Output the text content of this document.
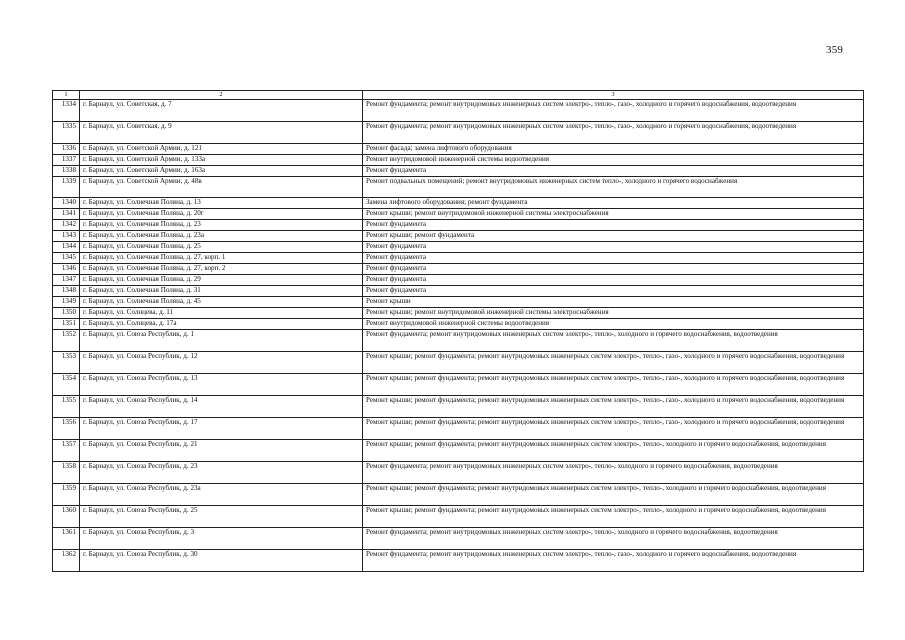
359
1	2	3
1334	г. Барнаул, ул. Советская, д. 7	Ремонт фундамента; ремонт внутридомовых инженерных систем электро-, тепло-, газо-, холодного и горячего водоснабжения, водоотведения
1335	г. Барнаул, ул. Советская, д. 9	Ремонт фундамента; ремонт внутридомовых инженерных систем электро-, тепло-, газо-, холодного и горячего водоснабжения, водоотведения
1336	г. Барнаул, ул. Советской Армии, д. 121	Ремонт фасада; замена лифтового оборудования
1337	г. Барнаул, ул. Советской Армии, д. 133а	Ремонт внутридомовой инженерной системы водоотведения
1338	г. Барнаул, ул. Советской Армии, д. 163а	Ремонт фундамента
1339	г. Барнаул, ул. Советской Армии, д. 48в	Ремонт подвальных помещений; ремонт внутридомовых инженерных систем тепло-, холодного и горячего водоснабжения
1340	г. Барнаул, ул. Солнечная Поляна, д. 13	Замена лифтового оборудования; ремонт фундамента
1341	г. Барнаул, ул. Солнечная Поляна, д. 20г	Ремонт крыши; ремонт внутридомовой инженерной системы электроснабжения
1342	г. Барнаул, ул. Солнечная Поляна, д. 23	Ремонт фундамента
1343	г. Барнаул, ул. Солнечная Поляна, д. 23а	Ремонт крыши; ремонт фундамента
1344	г. Барнаул, ул. Солнечная Поляна, д. 25	Ремонт фундамента
1345	г. Барнаул, ул. Солнечная Поляна, д. 27, корп. 1	Ремонт фундамента
1346	г. Барнаул, ул. Солнечная Поляна, д. 27, корп. 2	Ремонт фундамента
1347	г. Барнаул, ул. Солнечная Поляна, д. 29	Ремонт фундамента
1348	г. Барнаул, ул. Солнечная Поляна, д. 31	Ремонт фундамента
1349	г. Барнаул, ул. Солнечная Поляна, д. 45	Ремонт крыши
1350	г. Барнаул, ул. Солнцева, д. 11	Ремонт крыши; ремонт внутридомовой инженерной системы электроснабжения
1351	г. Барнаул, ул. Солнцева, д. 17а	Ремонт внутридомовой инженерной системы водоотведения
1352	г. Барнаул, ул. Союза Республик, д. 1	Ремонт фундамента; ремонт внутридомовых инженерных систем электро-, тепло-, холодного и горячего водоснабжения, водоотведения
1353	г. Барнаул, ул. Союза Республик, д. 12	Ремонт крыши; ремонт фундамента; ремонт внутридомовых инженерных систем электро-, тепло-, газо-, холодного и горячего водоснабжения, водоотведения
1354	г. Барнаул, ул. Союза Республик, д. 13	Ремонт крыши; ремонт фундамента; ремонт внутридомовых инженерных систем электро-, тепло-, газо-, холодного и горячего водоснабжения, водоотведения
1355	г. Барнаул, ул. Союза Республик, д. 14	Ремонт крыши; ремонт фундамента; ремонт внутридомовых инженерных систем электро-, тепло-, газо-, холодного и горячего водоснабжения, водоотведения
1356	г. Барнаул, ул. Союза Республик, д. 17	Ремонт крыши; ремонт фундамента; ремонт внутридомовых инженерных систем электро-, тепло-, газо-, холодного и горячего водоснабжения, водоотведения
1357	г. Барнаул, ул. Союза Республик, д. 21	Ремонт крыши; ремонт фундамента; ремонт внутридомовых инженерных систем электро-, тепло-, холодного и горячего водоснабжения, водоотведения
1358	г. Барнаул, ул. Союза Республик, д. 23	Ремонт фундамента; ремонт внутридомовых инженерных систем электро-, тепло-, холодного и горячего водоснабжения, водоотведения
1359	г. Барнаул, ул. Союза Республик, д. 23а	Ремонт крыши; ремонт фундамента; ремонт внутридомовых инженерных систем электро-, тепло-, холодного и горячего водоснабжения, водоотведения
1360	г. Барнаул, ул. Союза Республик, д. 25	Ремонт крыши; ремонт фундамента; ремонт внутридомовых инженерных систем электро-, тепло-, холодного и горячего водоснабжения, водоотведения
1361	г. Барнаул, ул. Союза Республик, д. 3	Ремонт фундамента; ремонт внутридомовых инженерных систем электро-, тепло-, холодного и горячего водоснабжения, водоотведения
1362	г. Барнаул, ул. Союза Республик, д. 30	Ремонт фундамента; ремонт внутридомовых инженерных систем электро-, тепло-, газо-, холодного и горячего водоснабжения, водоотведения
